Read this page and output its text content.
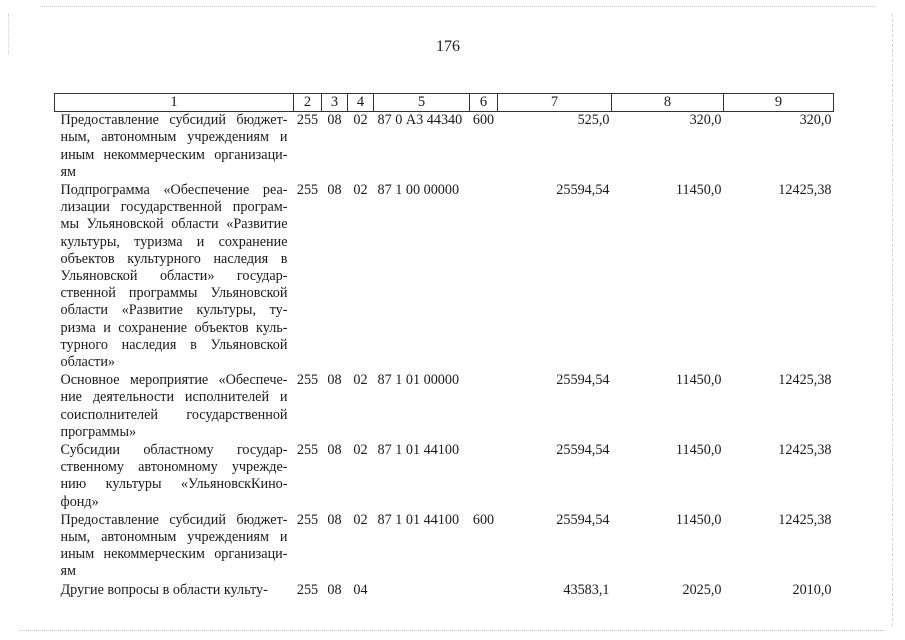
176
1	2	3	4	5	6	7	8	9
Предоставление субсидий бюджет-ным, автономным учреждениям и иным некоммерческим организаци-ям	255	08	02	87 0 А3 44340	600	525,0	320,0	320,0
Подпрограмма «Обеспечение реа-лизации государственной програм-мы Ульяновской области «Развитие культуры, туризма и сохранение объектов культурного наследия в Ульяновской области» государ-ственной программы Ульяновской области «Развитие культуры, ту-ризма и сохранение объектов куль-турного наследия в Ульяновской области»	255	08	02	87 1 00 00000		25594,54	11450,0	12425,38
Основное мероприятие «Обеспече-ние деятельности исполнителей и соисполнителей государственной программы»	255	08	02	87 1 01 00000		25594,54	11450,0	12425,38
Субсидии областному государ-ственному автономному учрежде-нию культуры «УльяновскКино-фонд»	255	08	02	87 1 01 44100		25594,54	11450,0	12425,38
Предоставление субсидий бюджет-ным, автономным учреждениям и иным некоммерческим организаци-ям	255	08	02	87 1 01 44100	600	25594,54	11450,0	12425,38
Другие вопросы в области культу-	255	08	04			43583,1	2025,0	2010,0
